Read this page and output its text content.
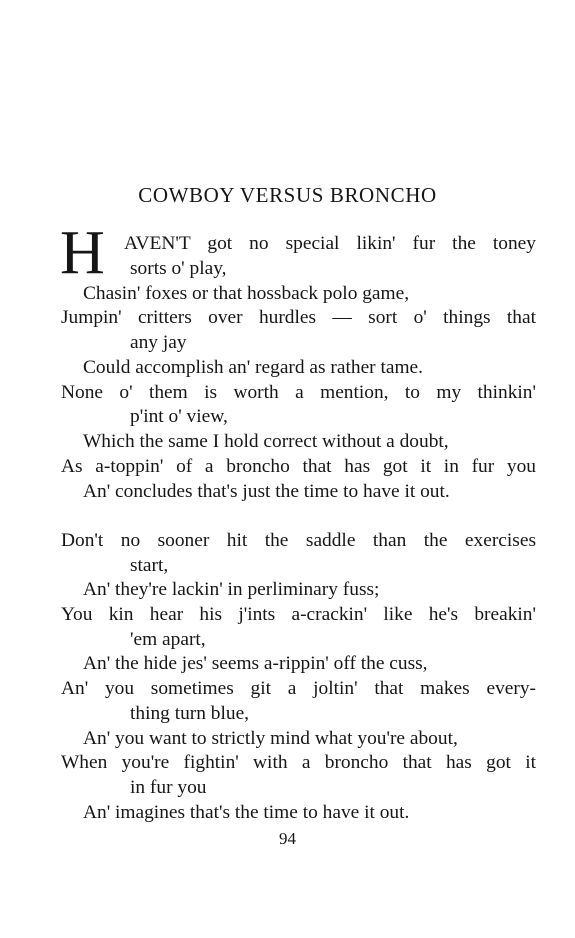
COWBOY VERSUS BRONCHO
H AVEN'T got no special likin' fur the toney
sorts o' play,
Chasin' foxes or that hossback polo game,
Jumpin' critters over hurdles — sort o' things that
any jay
Could accomplish an' regard as rather tame.
None o' them is worth a mention, to my thinkin'
p'int o' view,
Which the same I hold correct without a doubt,
As a-toppin' of a broncho that has got it in fur you
An' concludes that's just the time to have it out.
Don't no sooner hit the saddle than the exercises
start,
An' they're lackin' in perliminary fuss;
You kin hear his j'ints a-crackin' like he's breakin'
'em apart,
An' the hide jes' seems a-rippin' off the cuss,
An' you sometimes git a joltin' that makes every-
thing turn blue,
An' you want to strictly mind what you're about,
When you're fightin' with a broncho that has got it
in fur you
An' imagines that's the time to have it out.
94
